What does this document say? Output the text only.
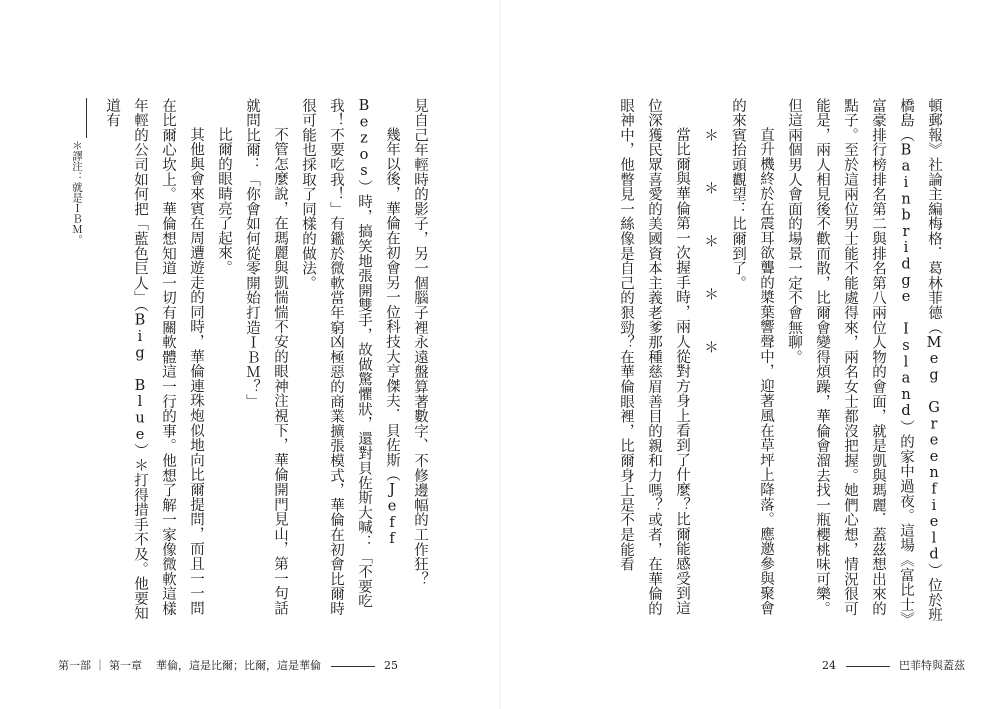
見自己年輕時的影子，另一個腦子裡永遠盤算著數字、不修邊幅的工作狂？

幾年以後，華倫在初會另一位科技大亨傑夫．貝佐斯（Jeff Bezos）時，搞笑地張開雙手，故做驚懼狀，還對貝佐斯大喊：「不要吃我！不要吃我！」有鑑於微軟當年窮凶極惡的商業擴張模式，華倫在初會比爾時很可能也採取了同樣的做法。

不管怎麼說，在瑪麗與凱惴惴不安的眼神注視下，華倫開門見山，第一句話就問比爾：「你會如何從零開始打造ＩＢＭ？」

比爾的眼睛亮了起來。

其他與會來賓在周遭遊走的同時，華倫連珠炮似地向比爾提問，而且一一問在比爾心坎上。華倫想知道一切有關軟體這一行的事。他想了解一家像微軟這樣年輕的公司如何把「藍色巨人」（Big Blue）＊打得措手不及。他要知道有

＊譯注：就是ＩＢＭ。
第一部 ｜ 第一章 華倫，這是比爾；比爾，這是華倫	25

頓郵報》社論主編梅格．葛林菲德（Meg Greenfield）位於班橋島（Bainbridge Island）的家中過夜。這場《富比士》富豪排行榜排名第二與排名第八兩位人物的會面，就是凱與瑪麗．蓋茲想出來的點子。至於這兩位男士能不能處得來，兩名女士都沒把握。她們心想，情況很可能是，兩人相見後不歡而散，比爾會變得煩躁，華倫會溜去找一瓶櫻桃味可樂。但這兩個男人會面的場景一定不會無聊。

直升機終於在震耳欲聾的槳葉響聲中，迎著風在草坪上降落。應邀參與聚會的來賓抬頭觀望：比爾到了。

＊　＊　＊　＊　＊

當比爾與華倫第一次握手時，兩人從對方身上看到了什麼？比爾能感受到這位深獲民眾喜愛的美國資本主義老爹那種慈眉善目的親和力嗎？或者，在華倫的眼神中，他瞥見一絲像是自己的狠勁？在華倫眼裡，比爾身上是不是能看

24	巴菲特與蓋茲
